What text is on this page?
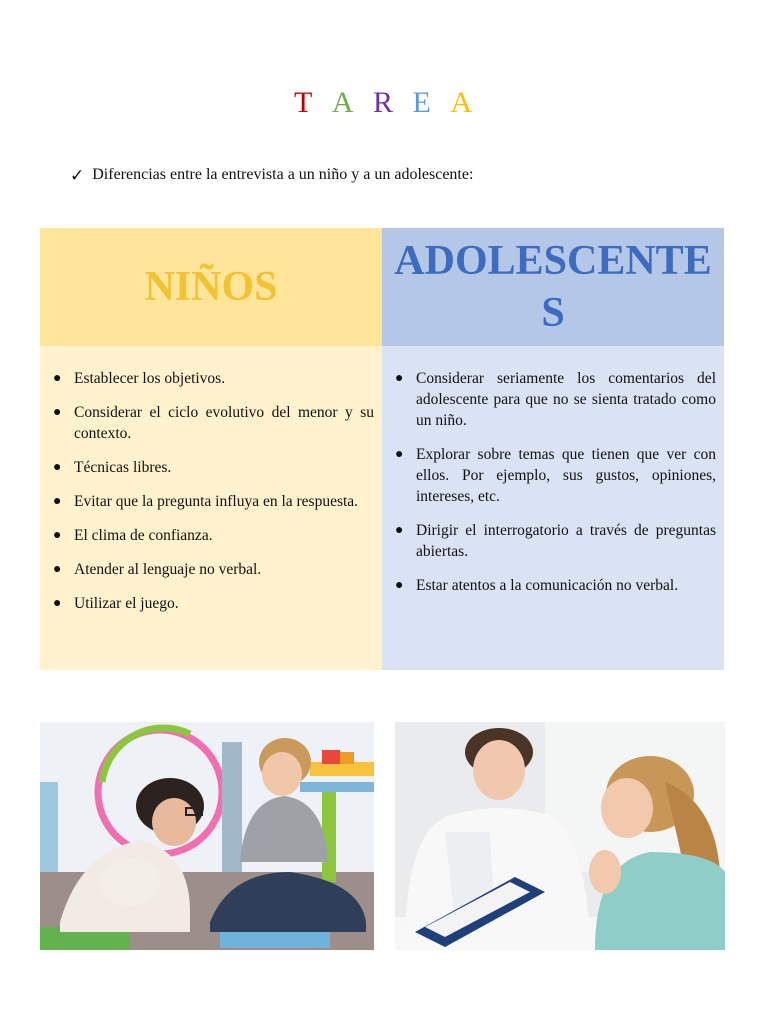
T A R E A
✓ Diferencias entre la entrevista a un niño y a un adolescente:
NIÑOS
ADOLESCENTES
● Establecer los objetivos.
● Considerar el ciclo evolutivo del menor y su contexto.
● Técnicas libres.
● Evitar que la pregunta influya en la respuesta.
● El clima de confianza.
● Atender al lenguaje no verbal.
● Utilizar el juego.
● Considerar seriamente los comentarios del adolescente para que no se sienta tratado como un niño.
● Explorar sobre temas que tienen que ver con ellos. Por ejemplo, sus gustos, opiniones, intereses, etc.
● Dirigir el interrogatorio a través de preguntas abiertas.
● Estar atentos a la comunicación no verbal.
